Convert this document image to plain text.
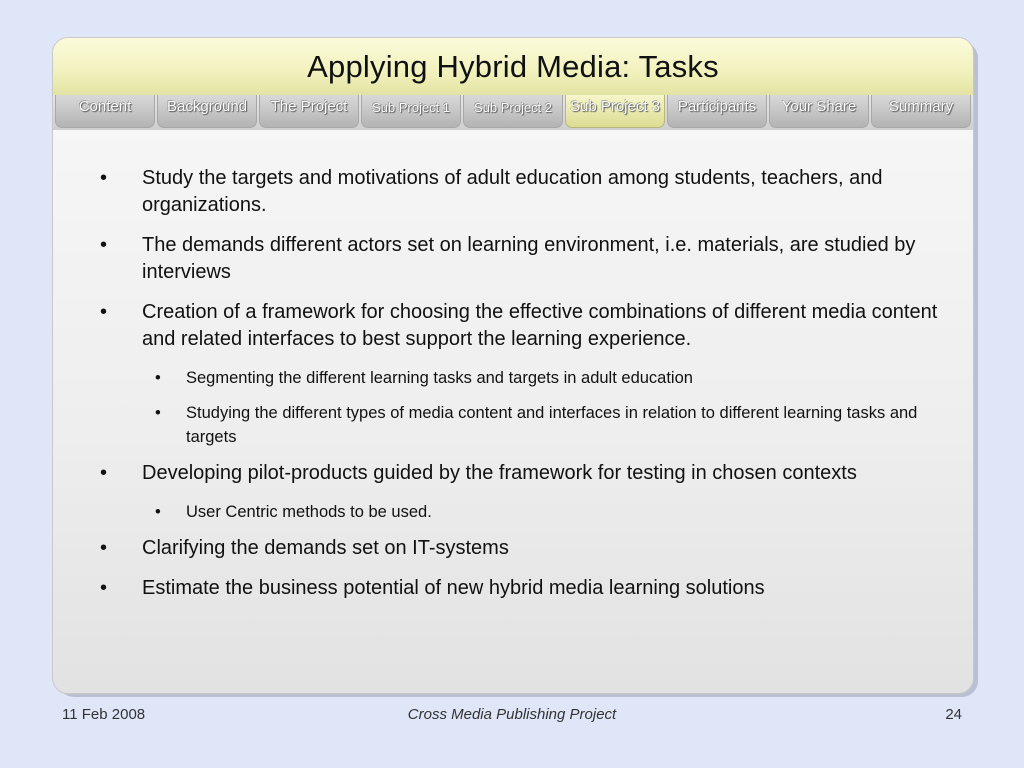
Applying Hybrid Media: Tasks
Content	Background	The Project	Sub Project 1	Sub Project 2	Sub Project 3	Participants	Your Share	Summary
• Study the targets and motivations of adult education among students, teachers, and organizations.
• The demands different actors set on learning environment, i.e. materials, are studied by interviews
• Creation of a framework for choosing the effective combinations of different media content and related interfaces to best support the learning experience.
• Segmenting the different learning tasks and targets in adult education
• Studying the different types of media content and interfaces in relation to different learning tasks and targets
• Developing pilot-products guided by the framework for testing in chosen contexts
• User Centric methods to be used.
• Clarifying the demands set on IT-systems
• Estimate the business potential of new hybrid media learning solutions
11 Feb 2008	Cross Media Publishing Project	24
